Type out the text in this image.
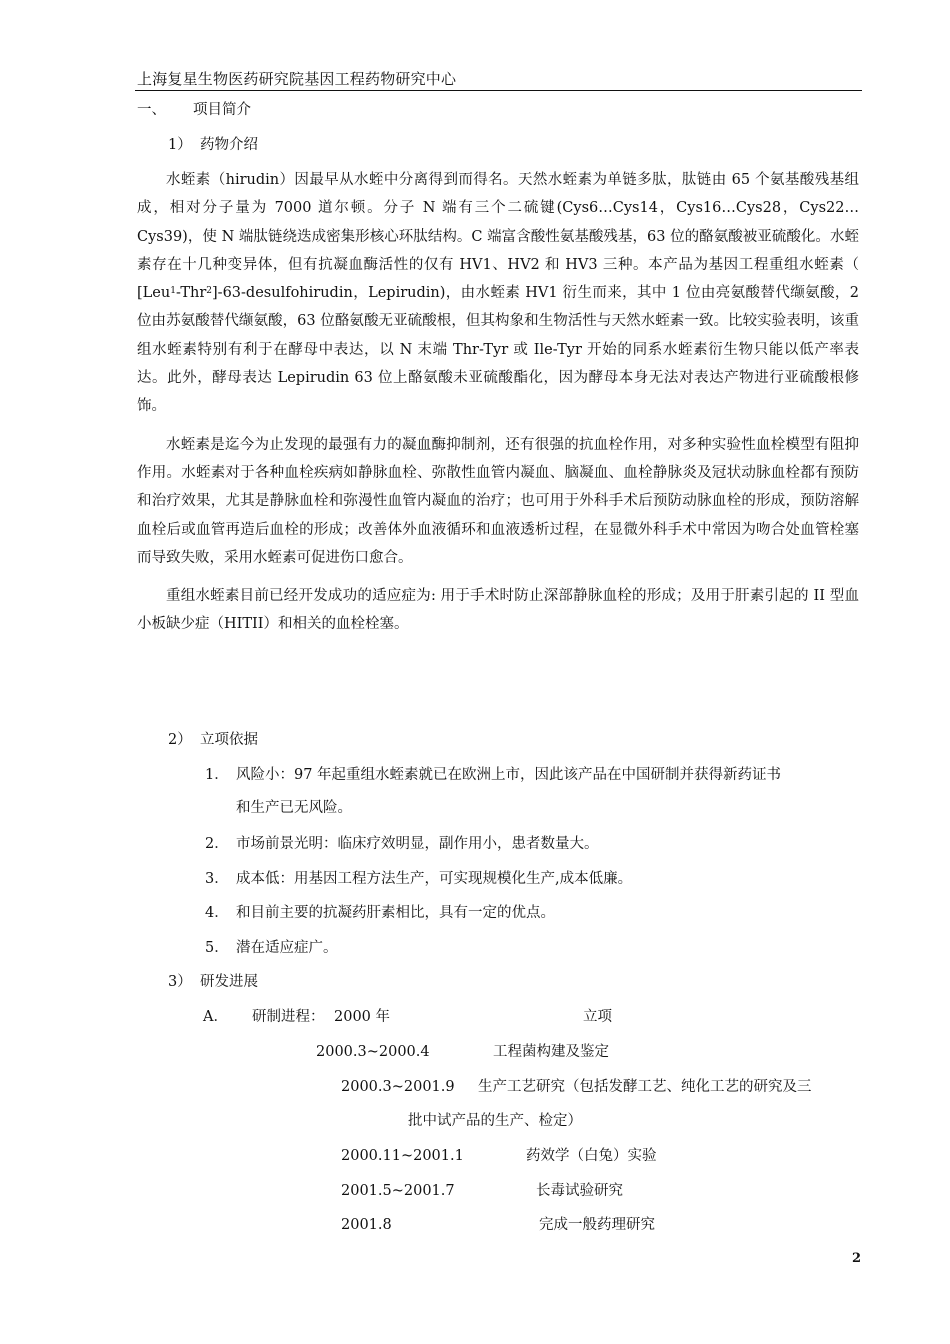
上海复星生物医药研究院基因工程药物研究中心
一、 项目简介
1） 药物介绍

水蛭素（hirudin）因最早从水蛭中分离得到而得名。天然水蛭素为单链多肽，肽链由 65 个氨基酸残基组成，相对分子量为 7000 道尔顿。分子 N 端有三个二硫键(Cys6…Cys14，Cys16…Cys28，Cys22…Cys39)，使 N 端肽链绕迭成密集形核心环肽结构。C 端富含酸性氨基酸残基，63 位的酪氨酸被亚硫酸化。水蛭素存在十几种变异体，但有抗凝血酶活性的仅有 HV1、HV2 和 HV3 三种。本产品为基因工程重组水蛭素（ [Leu$^1$-Thr$^2$]-63-desulfohirudin，Lepirudin)，由水蛭素 HV1 衍生而来，其中 1 位由亮氨酸替代缬氨酸，2 位由苏氨酸替代缬氨酸，63 位酪氨酸无亚硫酸根，但其构象和生物活性与天然水蛭素一致。比较实验表明，该重组水蛭素特别有利于在酵母中表达，以 N 末端 Thr-Tyr 或 Ile-Tyr 开始的同系水蛭素衍生物只能以低产率表达。此外，酵母表达 Lepirudin 63 位上酪氨酸未亚硫酸酯化，因为酵母本身无法对表达产物进行亚硫酸根修饰。

水蛭素是迄今为止发现的最强有力的凝血酶抑制剂，还有很强的抗血栓作用，对多种实验性血栓模型有阻抑作用。水蛭素对于各种血栓疾病如静脉血栓、弥散性血管内凝血、脑凝血、血栓静脉炎及冠状动脉血栓都有预防和治疗效果，尤其是静脉血栓和弥漫性血管内凝血的治疗；也可用于外科手术后预防动脉血栓的形成，预防溶解血栓后或血管再造后血栓的形成；改善体外血液循环和血液透析过程，在显微外科手术中常因为吻合处血管栓塞而导致失败，采用水蛭素可促进伤口愈合。

重组水蛭素目前已经开发成功的适应症为: 用于手术时防止深部静脉血栓的形成；及用于肝素引起的 II 型血小板缺少症（HITII）和相关的血栓栓塞。

2） 立项依据
1． 风险小：97 年起重组水蛭素就已在欧洲上市，因此该产品在中国研制并获得新药证书
和生产已无风险。
2． 市场前景光明：临床疗效明显，副作用小，患者数量大。
3． 成本低：用基因工程方法生产，可实现规模化生产,成本低廉。
4． 和目前主要的抗凝药肝素相比，具有一定的优点。
5． 潜在适应症广。
3） 研发进展
A． 研制进程： 2000 年	立项
2000.3~2000.4	工程菌构建及鉴定
2000.3~2001.9 生产工艺研究（包括发酵工艺、纯化工艺的研究及三
批中试产品的生产、检定）
2000.11~2001.1	药效学（白兔）实验
2001.5~2001.7	长毒试验研究
2001.8	完成一般药理研究
2
